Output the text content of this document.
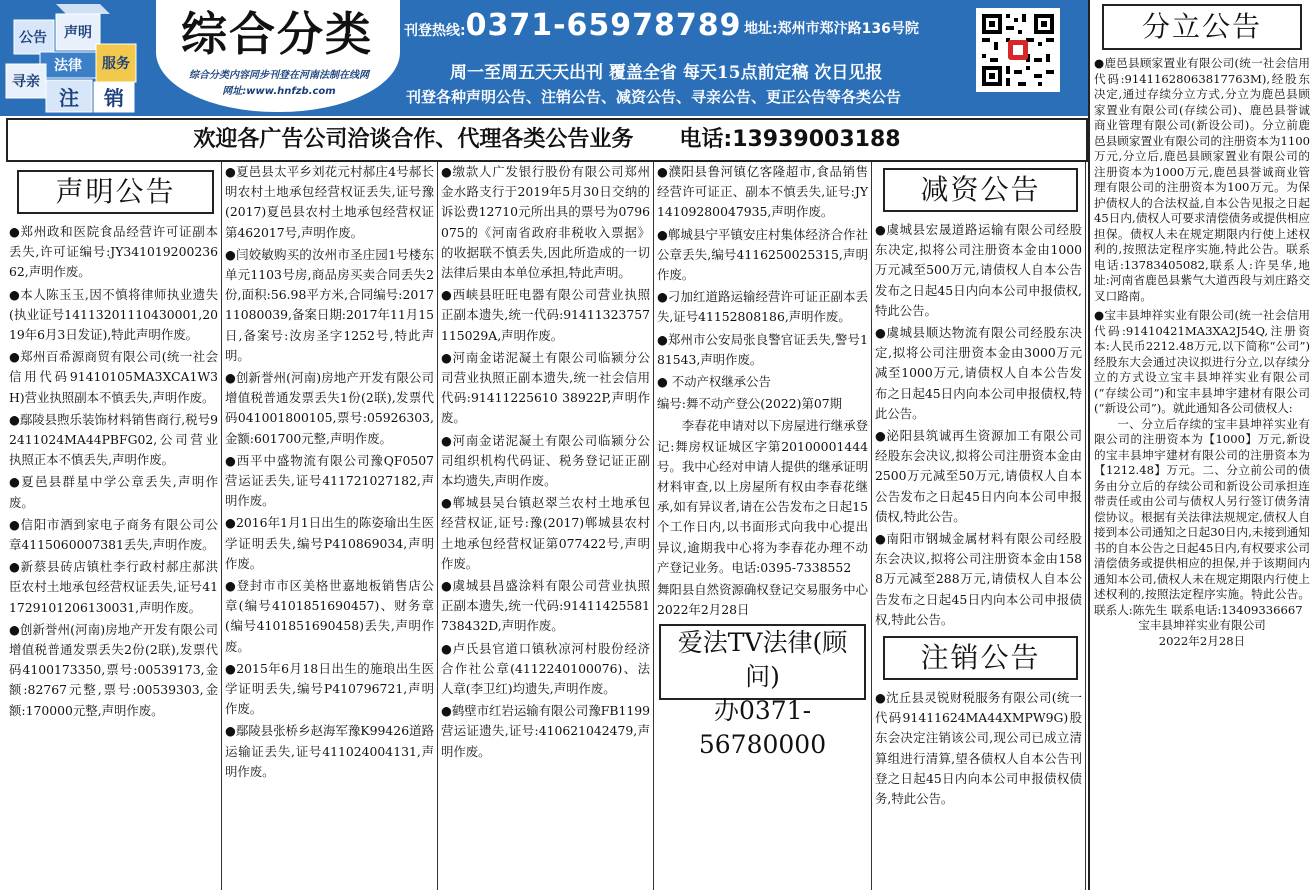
声明
公告
法律	服务
寻亲
注	销
综合分类
综合分类内容同步刊登在河南法制在线网
网址:www.hnfzb.com
刊登热线:0371-65978789 地址:郑州市郑汴路136号院
周一至周五天天出刊 覆盖全省 每天15点前定稿 次日见报
刊登各种声明公告、注销公告、减资公告、寻亲公告、更正公告等各类公告
欢迎各广告公司洽谈合作、代理各类公告业务 电话:13939003188
声明公告

●郑州政和医院食品经营许可证副本丢失,许可证编号:JY34101920023662,声明作废。

●本人陈玉玉,因不慎将律师执业遗失(执业证号14113201110430001,2019年6月3日发证),特此声明作废。

●郑州百希源商贸有限公司(统一社会信用代码91410105MA3XCA1W3H)营业执照副本不慎丢失,声明作废。

●鄢陵县煦乐装饰材料销售商行,税号92411024MA44PBFG02,公司营业执照正本不慎丢失,声明作废。

●夏邑县群星中学公章丢失,声明作废。

●信阳市酒到家电子商务有限公司公章4115060007381丢失,声明作废。

●新蔡县砖店镇杜李行政村郝庄郝洪臣农村土地承包经营权证丢失,证号411729101206130031,声明作废。

●创新誉州(河南)房地产开发有限公司增值税普通发票丢失2份(2联),发票代码4100173350,票号:00539173,金额:82767元整,票号:00539303,金额:170000元整,声明作废。

●夏邑县太平乡刘花元村郝庄4号郝长明农村土地承包经营权证丢失,证号豫(2017)夏邑县农村土地承包经营权证第462017号,声明作废。

●闫姣敏购买的汝州市圣庄园1号楼东单元1103号房,商品房买卖合同丢失2份,面积:56.98平方米,合同编号:201711080039,备案日期:2017年11月15日,备案号:汝房圣字1252号,特此声明。

●创新誉州(河南)房地产开发有限公司增值税普通发票丢失1份(2联),发票代码041001800105,票号:05926303,金额:601700元整,声明作废。

●西平中盛物流有限公司豫QF0507营运证丢失,证号411721027182,声明作废。

●2016年1月1日出生的陈姿瑜出生医学证明丢失,编号P410869034,声明作废。

●登封市市区美格世嘉地板销售店公章(编号4101851690457)、财务章(编号4101851690458)丢失,声明作废。

●2015年6月18日出生的施琅出生医学证明丢失,编号P410796721,声明作废。

●鄢陵县张桥乡赵海军豫K99426道路运输证丢失,证号411024004131,声明作废。

●缴款人广发银行股份有限公司郑州金水路支行于2019年5月30日交纳的诉讼费12710元所出具的票号为0796075的《河南省政府非税收入票据》的收据联不慎丢失,因此所造成的一切法律后果由本单位承担,特此声明。

●西峡县旺旺电器有限公司营业执照正副本遗失,统一代码:91411323757115029A,声明作废。

●河南金诺泥凝土有限公司临颍分公司营业执照正副本遗失,统一社会信用代码:91411225610 38922P,声明作废。

●河南金诺泥凝土有限公司临颍分公司组织机构代码证、税务登记证正副本均遗失,声明作废。

●郸城县吴台镇赵翠兰农村土地承包经营权证,证号:豫(2017)郸城县农村土地承包经营权证第077422号,声明作废。

●虞城县昌盛涂料有限公司营业执照正副本遗失,统一代码:91411425581738432D,声明作废。

●卢氏县官道口镇秋凉河村股份经济合作社公章(4112240100076)、法人章(李卫红)均遗失,声明作废。

●鹤壁市红岩运输有限公司豫FB1199营运证遗失,证号:410621042479,声明作废。

●濮阳县鲁河镇亿客隆超市,食品销售经营许可证正、副本不慎丢失,证号:JY14109280047935,声明作废。

●郸城县宁平镇安庄村集体经济合作社公章丢失,编号4116250025315,声明作废。

●刁加红道路运输经营许可证正副本丢失,证号41152808186,声明作废。

●郑州市公安局张良警官证丢失,警号181543,声明作废。

● 不动产权继承公告

编号:舞不动产登公(2022)第07期

李春花申请对以下房屋进行继承登记:舞房权证城区字第20100001444号。我中心经对申请人提供的继承证明材料审查,以上房屋所有权由李春花继承,如有异议者,请在公告发布之日起15个工作日内,以书面形式向我中心提出异议,逾期我中心将为李春花办理不动产登记业务。电话:0395-7338552

舞阳县自然资源确权登记交易服务中心 2022年2月28日

爱法TV法律(顾问)
办0371-56780000
减资公告

●虞城县宏晟道路运输有限公司经股东决定,拟将公司注册资本金由1000万元减至500万元,请债权人自本公告发布之日起45日内向本公司申报债权,特此公告。

●虞城县顺达物流有限公司经股东决定,拟将公司注册资本金由3000万元减至1000万元,请债权人自本公告发布之日起45日内向本公司申报债权,特此公告。

●泌阳县筑诚再生资源加工有限公司经股东会决议,拟将公司注册资本金由2500万元减至50万元,请债权人自本公告发布之日起45日内向本公司申报债权,特此公告。

●南阳市钢城金属材料有限公司经股东会决议,拟将公司注册资本金由1588万元减至288万元,请债权人自本公告发布之日起45日内向本公司申报债权,特此公告。

注销公告

●沈丘县灵锐财税服务有限公司(统一代码91411624MA44XMPW9G)股东会决定注销该公司,现公司已成立清算组进行清算,望各债权人自本公告刊登之日起45日内向本公司申报债权债务,特此公告。

分立公告

●鹿邑县顾家置业有限公司(统一社会信用代码:91411628063817763M),经股东决定,通过存续分立方式,分立为鹿邑县顾家置业有限公司(存续公司)、鹿邑县誉诚商业管理有限公司(新设公司)。分立前鹿邑县顾家置业有限公司的注册资本为1100万元,分立后,鹿邑县顾家置业有限公司的注册资本为1000万元,鹿邑县誉诚商业管理有限公司的注册资本为100万元。为保护债权人的合法权益,自本公告见报之日起45日内,债权人可要求清偿债务或提供相应担保。债权人未在规定期限内行使上述权利的,按照法定程序实施,特此公告。联系电话:13783405082,联系人:许昊华,地址:河南省鹿邑县紫气大道西段与刘庄路交叉口路南。

●宝丰县坤祥实业有限公司(统一社会信用代码:91410421MA3XA2J54Q,注册资本:人民币2212.48万元,以下简称“公司”)经股东大会通过决议拟进行分立,以存续分立的方式设立宝丰县坤祥实业有限公司(“存续公司”)和宝丰县坤宇建材有限公司(“新设公司”)。就此通知各公司债权人:

一、分立后存续的宝丰县坤祥实业有限公司的注册资本为【1000】万元,新设的宝丰县坤宇建材有限公司的注册资本为【1212.48】万元。二、分立前公司的债务由分立后的存续公司和新设公司承担连带责任或由公司与债权人另行签订债务清偿协议。根据有关法律法规规定,债权人自接到本公司通知之日起30日内,未接到通知书的自本公告之日起45日内,有权要求公司清偿债务或提供相应的担保,并于该期间内通知本公司,债权人未在规定期限内行使上述权利的,按照法定程序实施。特此公告。联系人:陈先生 联系电话:13409336667

宝丰县坤祥实业有限公司

2022年2月28日
